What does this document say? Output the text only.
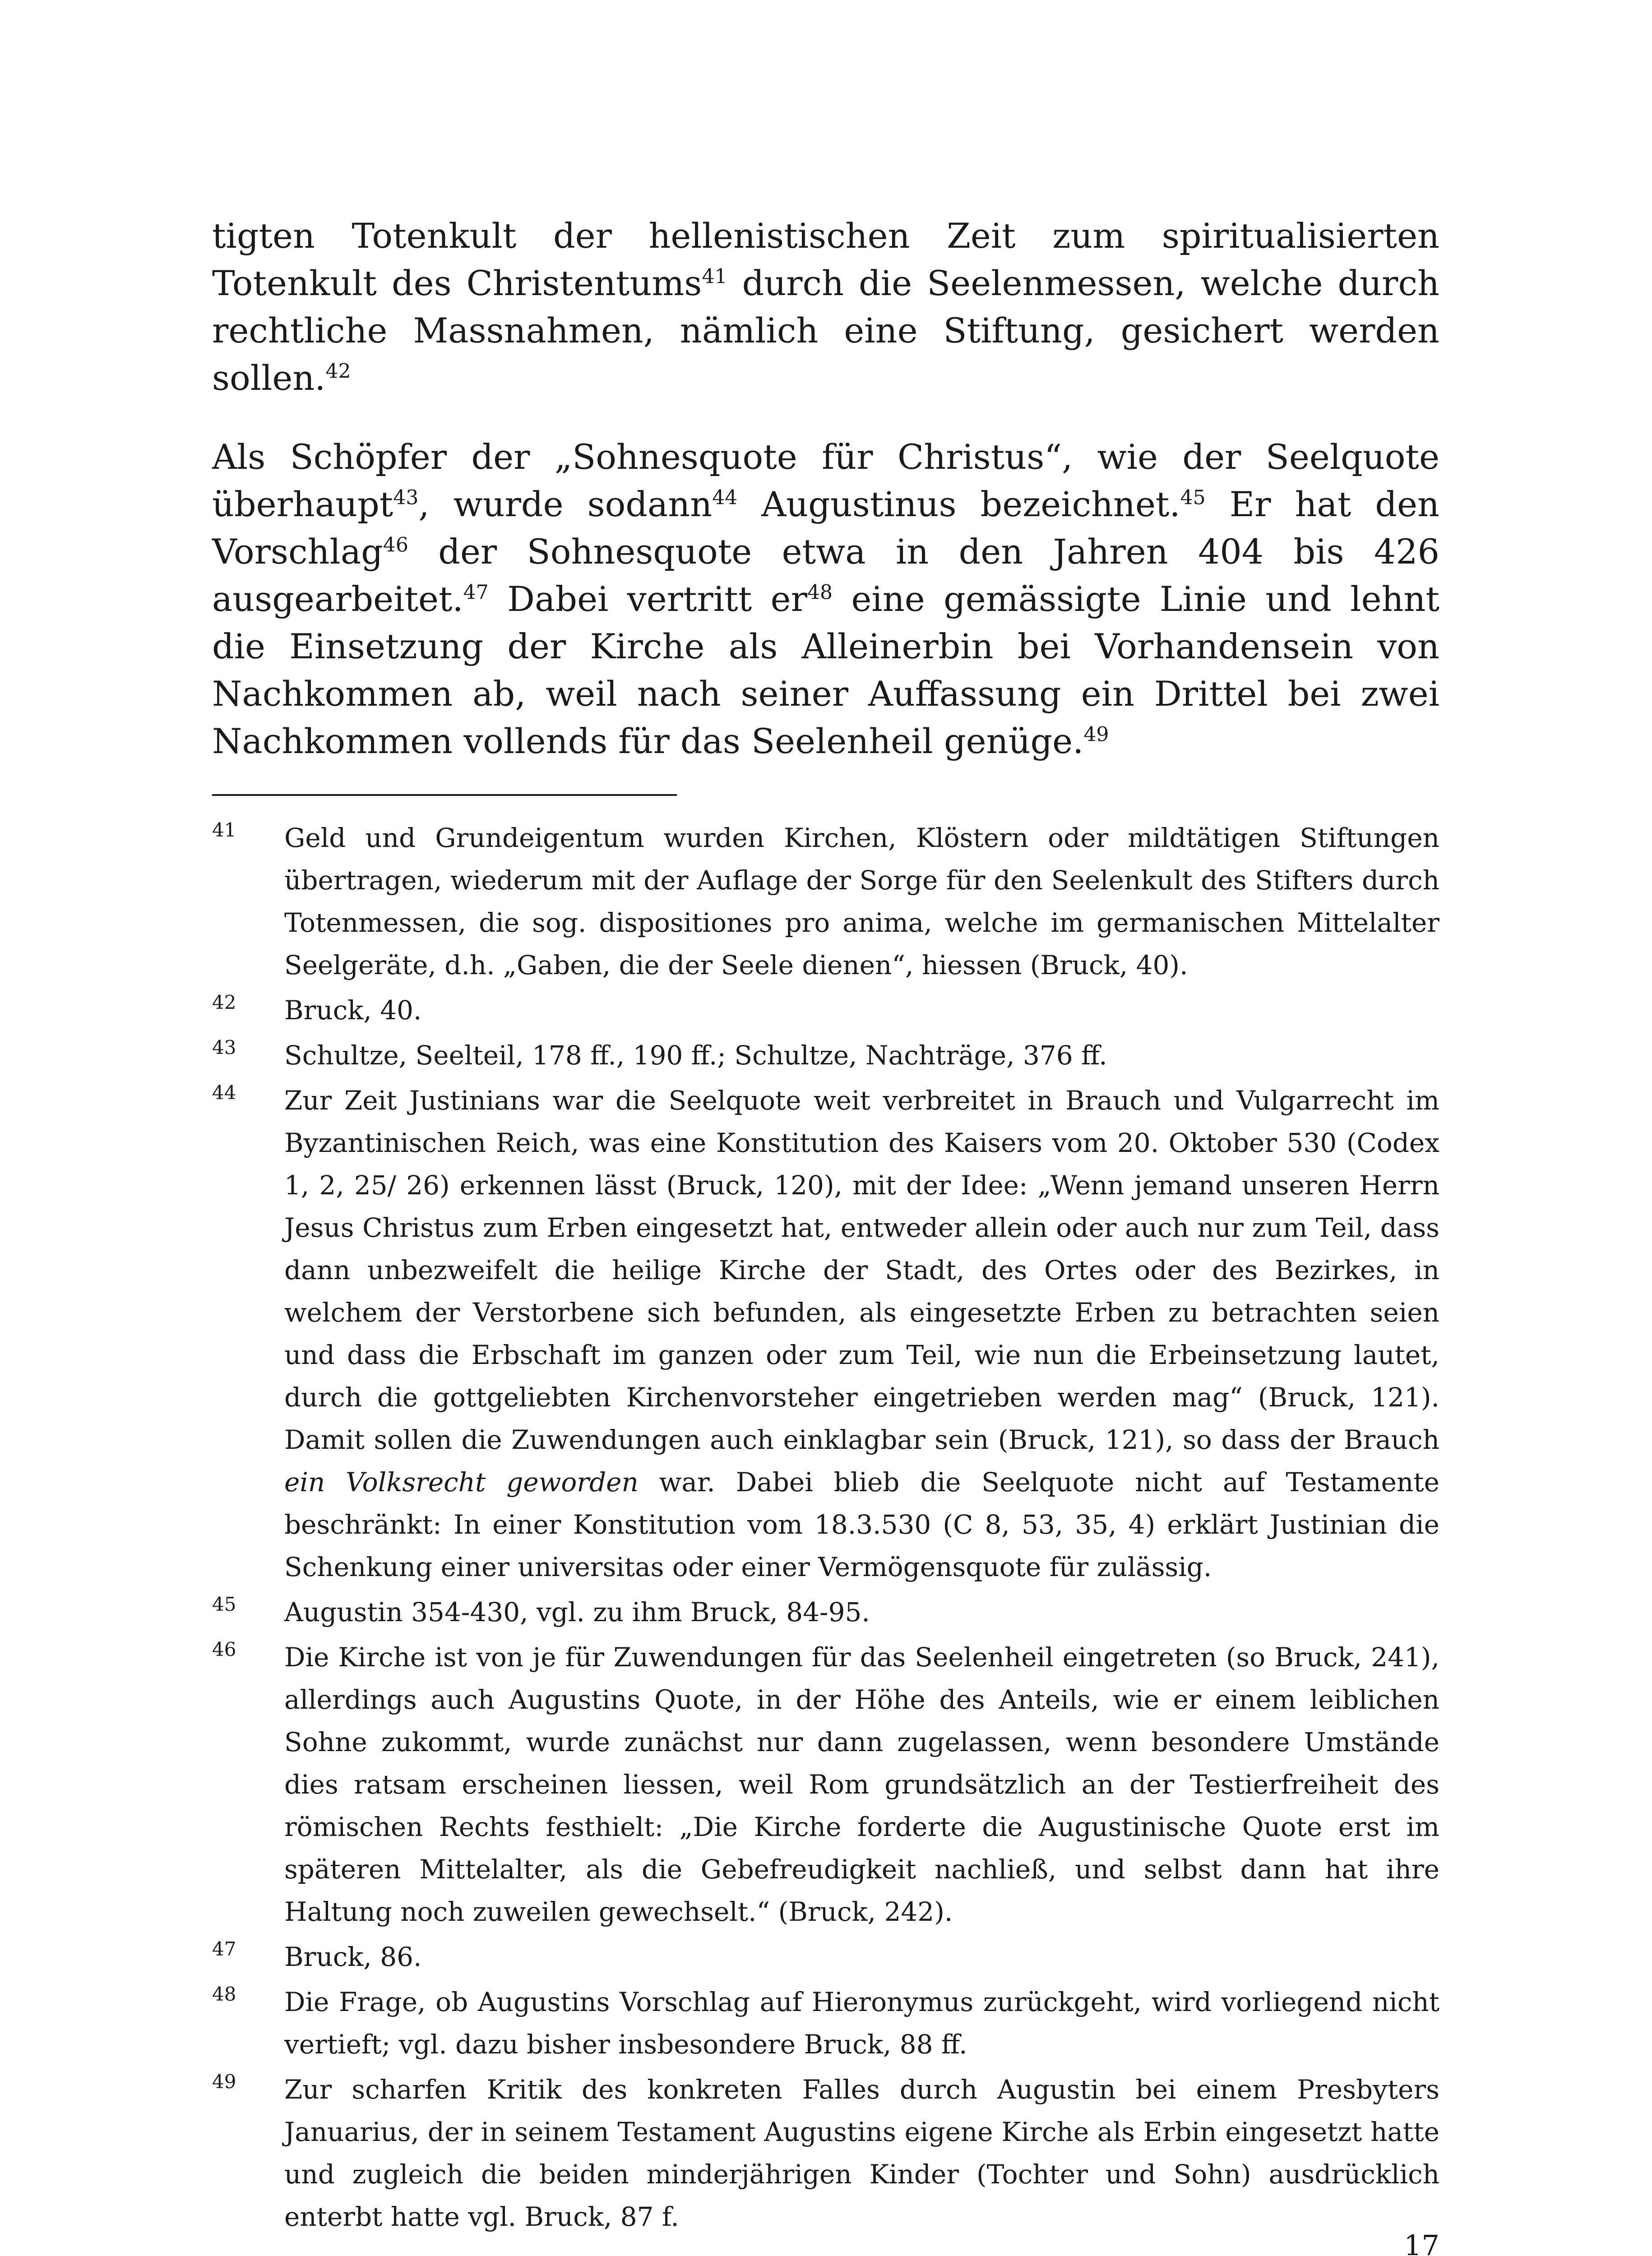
tigten Totenkult der hellenistischen Zeit zum spiritualisierten Totenkult des Christentums$^{41}$ durch die Seelenmessen, welche durch rechtliche Massnahmen, nämlich eine Stiftung, gesichert werden sollen.$^{42}$

Als Schöpfer der „Sohnesquote für Christus“, wie der Seelquote überhaupt$^{43}$, wurde sodann$^{44}$ Augustinus bezeichnet.$^{45}$ Er hat den Vorschlag$^{46}$ der Sohnesquote etwa in den Jahren 404 bis 426 ausgearbeitet.$^{47}$ Dabei vertritt $er^{48}$ eine gemässigte Linie und lehnt die Einsetzung der Kirche als Alleinerbin bei Vorhandensein von Nachkommen ab, weil nach seiner Auffassung ein Drittel bei zwei Nachkommen vollends für das Seelenheil genüge.$^{49}$

41	Geld und Grundeigentum wurden Kirchen, Klöstern oder mildtätigen Stiftungen übertragen, wiederum mit der Auflage der Sorge für den Seelenkult des Stifters durch Totenmessen, die sog. dispositiones pro anima, welche im germanischen Mittelalter Seelgeräte, d.h. „Gaben, die der Seele dienen“, hiessen (Bruck, 40).
42	Bruck, 40.
43	Schultze, Seelteil, 178 ff., 190 ff.; Schultze, Nachträge, 376 ff.
44	Zur Zeit Justinians war die Seelquote weit verbreitet in Brauch und Vulgarrecht im Byzantinischen Reich, was eine Konstitution des Kaisers vom 20. Oktober 530 (Codex 1, 2, 25/ 26) erkennen lässt (Bruck, 120), mit der Idee: „Wenn jemand unseren Herrn Jesus Christus zum Erben eingesetzt hat, entweder allein oder auch nur zum Teil, dass dann unbezweifelt die heilige Kirche der Stadt, des Ortes oder des Bezirkes, in welchem der Verstorbene sich befunden, als eingesetzte Erben zu betrachten seien und dass die Erbschaft im ganzen oder zum Teil, wie nun die Erbeinsetzung lautet, durch die gottgeliebten Kirchenvorsteher eingetrieben werden mag“ (Bruck, 121). Damit sollen die Zuwendungen auch einklagbar sein (Bruck, 121), so dass der Brauch ein Volksrecht geworden war. Dabei blieb die Seelquote nicht auf Testamente beschränkt: In einer Konstitution vom 18.3.530 (C 8, 53, 35, 4) erklärt Justinian die Schenkung einer universitas oder einer Vermögensquote für zulässig.
45	Augustin 354-430, vgl. zu ihm Bruck, 84-95.
46	Die Kirche ist von je für Zuwendungen für das Seelenheil eingetreten (so Bruck, 241), allerdings auch Augustins Quote, in der Höhe des Anteils, wie er einem leiblichen Sohne zukommt, wurde zunächst nur dann zugelassen, wenn besondere Umstände dies ratsam erscheinen liessen, weil Rom grundsätzlich an der Testierfreiheit des römischen Rechts festhielt: „Die Kirche forderte die Augustinische Quote erst im späteren Mittelalter, als die Gebefreudigkeit nachließ, und selbst dann hat ihre Haltung noch zuweilen gewechselt.“ (Bruck, 242).
47	Bruck, 86.
48	Die Frage, ob Augustins Vorschlag auf Hieronymus zurückgeht, wird vorliegend nicht vertieft; vgl. dazu bisher insbesondere Bruck, 88 ff.
49	Zur scharfen Kritik des konkreten Falles durch Augustin bei einem Presbyters Januarius, der in seinem Testament Augustins eigene Kirche als Erbin eingesetzt hatte und zugleich die beiden minderjährigen Kinder (Tochter und Sohn) ausdrücklich enterbt hatte vgl. Bruck, 87 f.
17
